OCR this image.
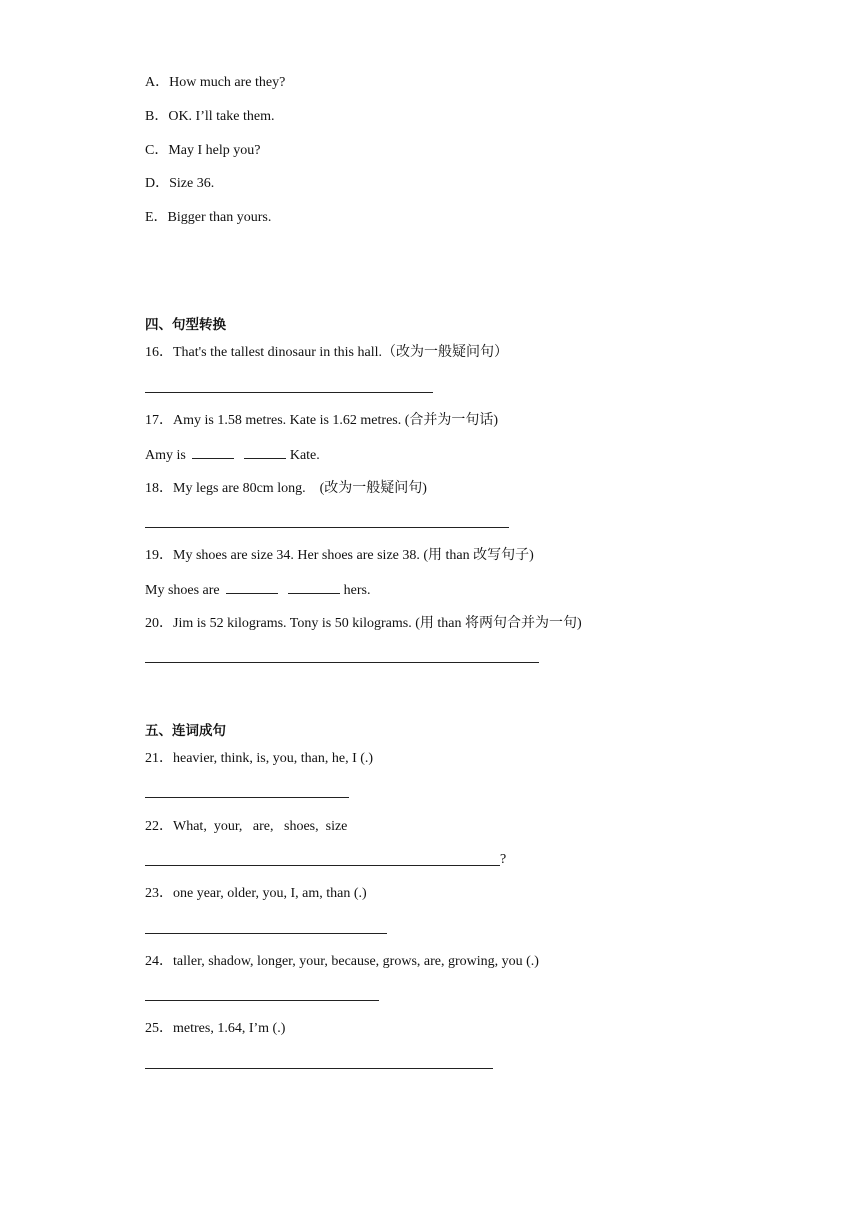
A．How much are they?
B．OK. I’ll take them.
C．May I help you?
D．Size 36.
E．Bigger than yours.
四、句型转换
16．That's the tallest dinosaur in this hall.（改为一般疑问句）
17．Amy is 1.58 metres. Kate is 1.62 metres. (合并为一句话)
Amy is	Kate.
18．My legs are 80cm long.    (改为一般疑问句)
19．My shoes are size 34. Her shoes are size 38. (用 than 改写句子)
My shoes are	hers.
20．Jim is 52 kilograms. Tony is 50 kilograms. (用 than 将两句合并为一句)
五、连词成句
21．heavier, think, is, you, than, he, I (.)
22．What,  your,   are,   shoes,  size
?
23．one year, older, you, I, am, than (.)
24．taller, shadow, longer, your, because, grows, are, growing, you (.)
25．metres, 1.64, I’m (.)
